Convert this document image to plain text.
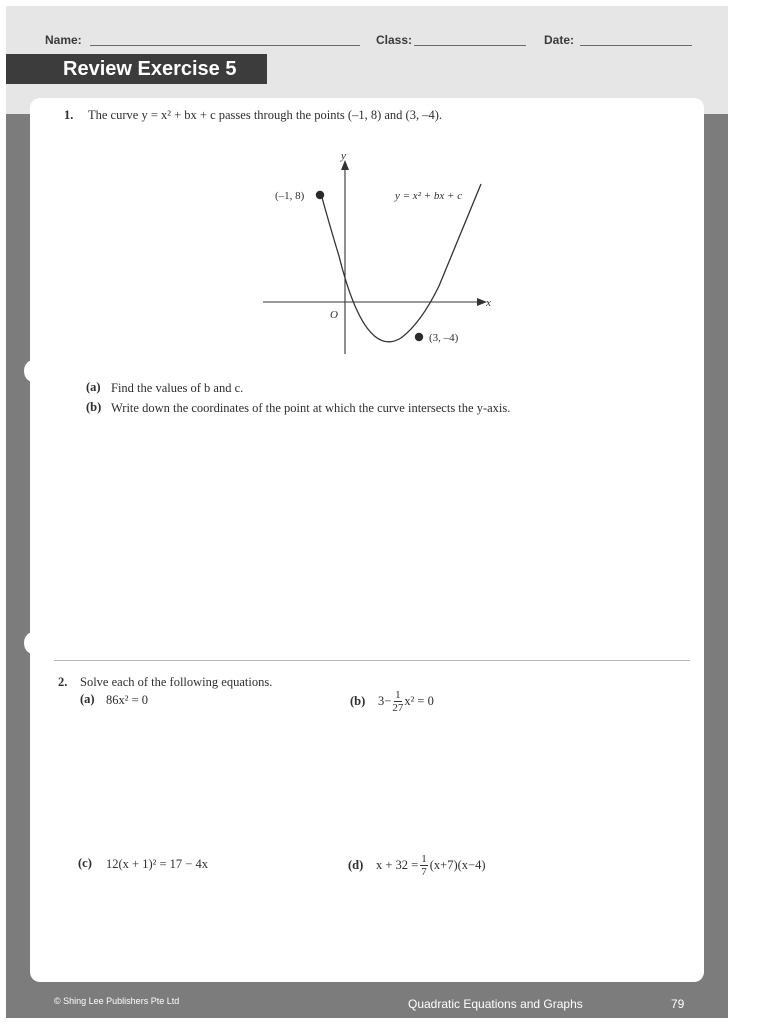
Name:	Class:	Date:
Review Exercise 5
© Shing Lee Publishers Pte Ltd	Quadratic Equations and Graphs	79
1. The curve y = x² + bx + c passes through the points (–1, 8) and (3, –4).
y
x
O
(–1, 8)
(3, –4)
y = x² + bx + c
(a) Find the values of b and c.
(b) Write down the coordinates of the point at which the curve intersects the y-axis.
2. Solve each of the following equations.
(a) 86x² = 0	(b) $3- \frac{1}{27} x^2 = 0$
(c) 12(x + 1)² = 17 − 4x	(d) $x + 32 = \frac{1}{7} (x+7)(x-4)$
